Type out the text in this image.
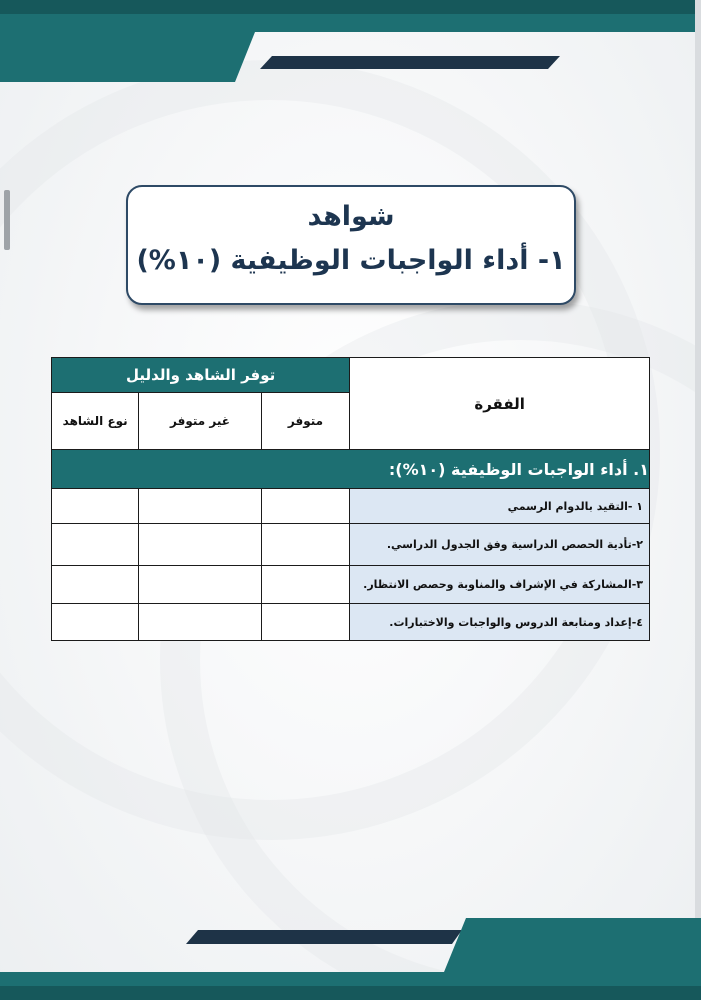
شواهد
١- أداء الواجبات الوظيفية (١٠%)
الفقرة	توفر الشاهد والدليل		
	متوفر	غير متوفر	نوع الشاهد
١. أداء الواجبات الوظيفية (١٠%):			
١ -التقيد بالدوام الرسمي			
٢-تأدية الحصص الدراسية وفق الجدول الدراسي.			
٣-المشاركة في الإشراف والمناوبة وحصص الانتظار.			
٤-إعداد ومتابعة الدروس والواجبات والاختبارات.			
